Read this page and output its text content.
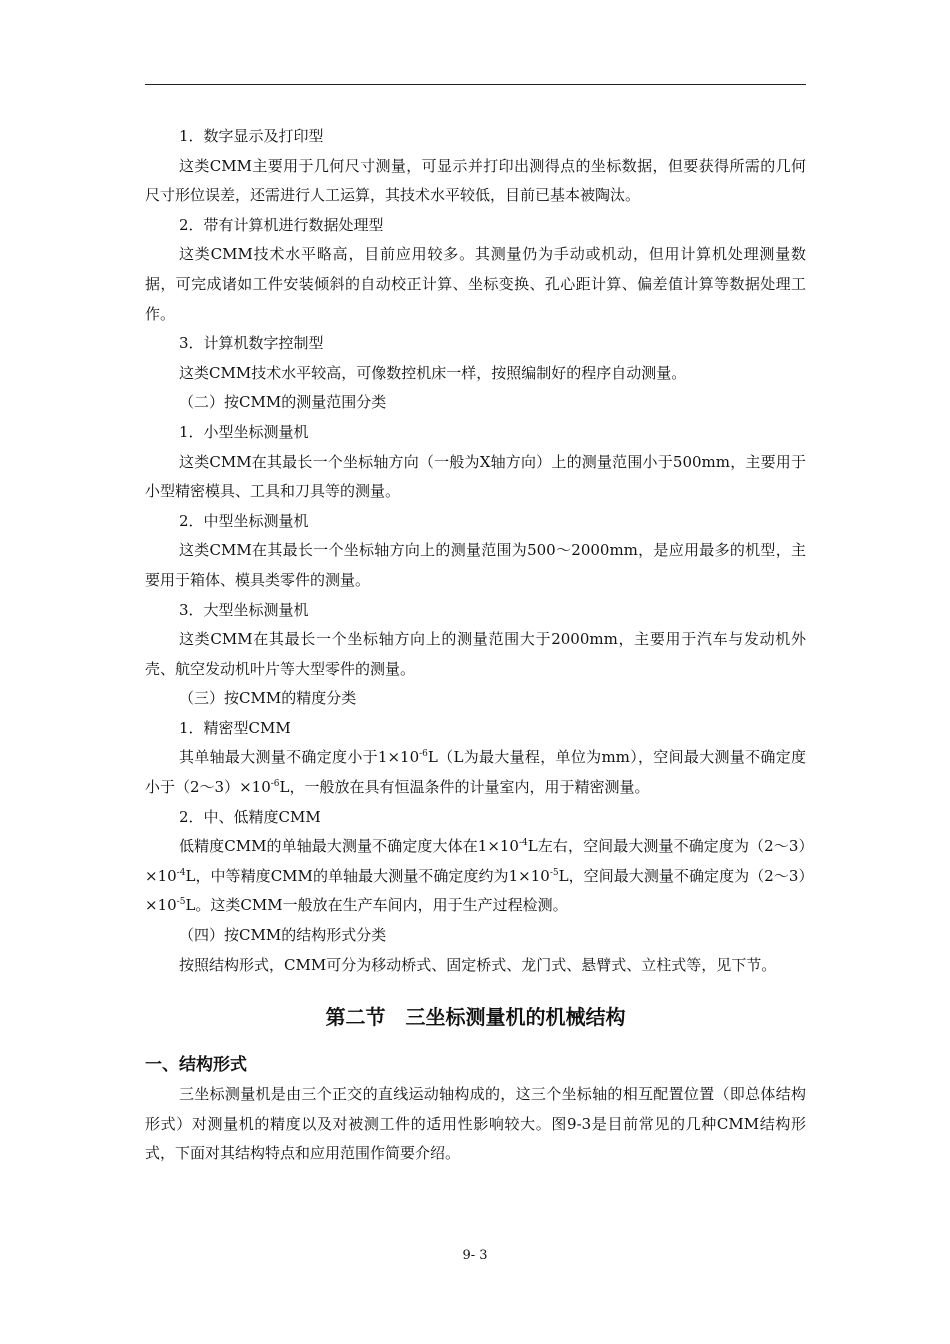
1．数字显示及打印型

这类CMM主要用于几何尺寸测量，可显示并打印出测得点的坐标数据，但要获得所需的几何尺寸形位误差，还需进行人工运算，其技术水平较低，目前已基本被陶汰。

2．带有计算机进行数据处理型

这类CMM技术水平略高，目前应用较多。其测量仍为手动或机动，但用计算机处理测量数据，可完成诸如工件安装倾斜的自动校正计算、坐标变换、孔心距计算、偏差值计算等数据处理工作。

3．计算机数字控制型

这类CMM技术水平较高，可像数控机床一样，按照编制好的程序自动测量。

（二）按CMM的测量范围分类

1．小型坐标测量机

这类CMM在其最长一个坐标轴方向（一般为X轴方向）上的测量范围小于500mm，主要用于小型精密模具、工具和刀具等的测量。

2．中型坐标测量机

这类CMM在其最长一个坐标轴方向上的测量范围为500～2000mm，是应用最多的机型，主要用于箱体、模具类零件的测量。

3．大型坐标测量机

这类CMM在其最长一个坐标轴方向上的测量范围大于2000mm，主要用于汽车与发动机外壳、航空发动机叶片等大型零件的测量。

（三）按CMM的精度分类

1．精密型CMM

其单轴最大测量不确定度小于$1\times 10^{-6}L(L$为最大量程，单位为mm），空间最大测量不确定度小于$(2\sim 3)\times 10^{-6}L$，一般放在具有恒温条件的计量室内，用于精密测量。

2．中、低精度CMM

低精度CMM的单轴最大测量不确定度大体在$1\times 10^{-4}L$左右，空间最大测量不确定度为$(2\sim 3)\times 10^{-4}L$，中等精度CMM的单轴最大测量不确定度约为$1\times 10^{-5}L$，空间最大测量不确定度为$(2\sim 3)\times 10^{-5}L$。这类CMM一般放在生产车间内，用于生产过程检测。

（四）按CMM的结构形式分类

按照结构形式，CMM可分为移动桥式、固定桥式、龙门式、悬臂式、立柱式等，见下节。

第二节　三坐标测量机的机械结构
一、结构形式

三坐标测量机是由三个正交的直线运动轴构成的，这三个坐标轴的相互配置位置（即总体结构形式）对测量机的精度以及对被测工件的适用性影响较大。图9-3是目前常见的几种CMM结构形式，下面对其结构特点和应用范围作简要介绍。

9- 3
